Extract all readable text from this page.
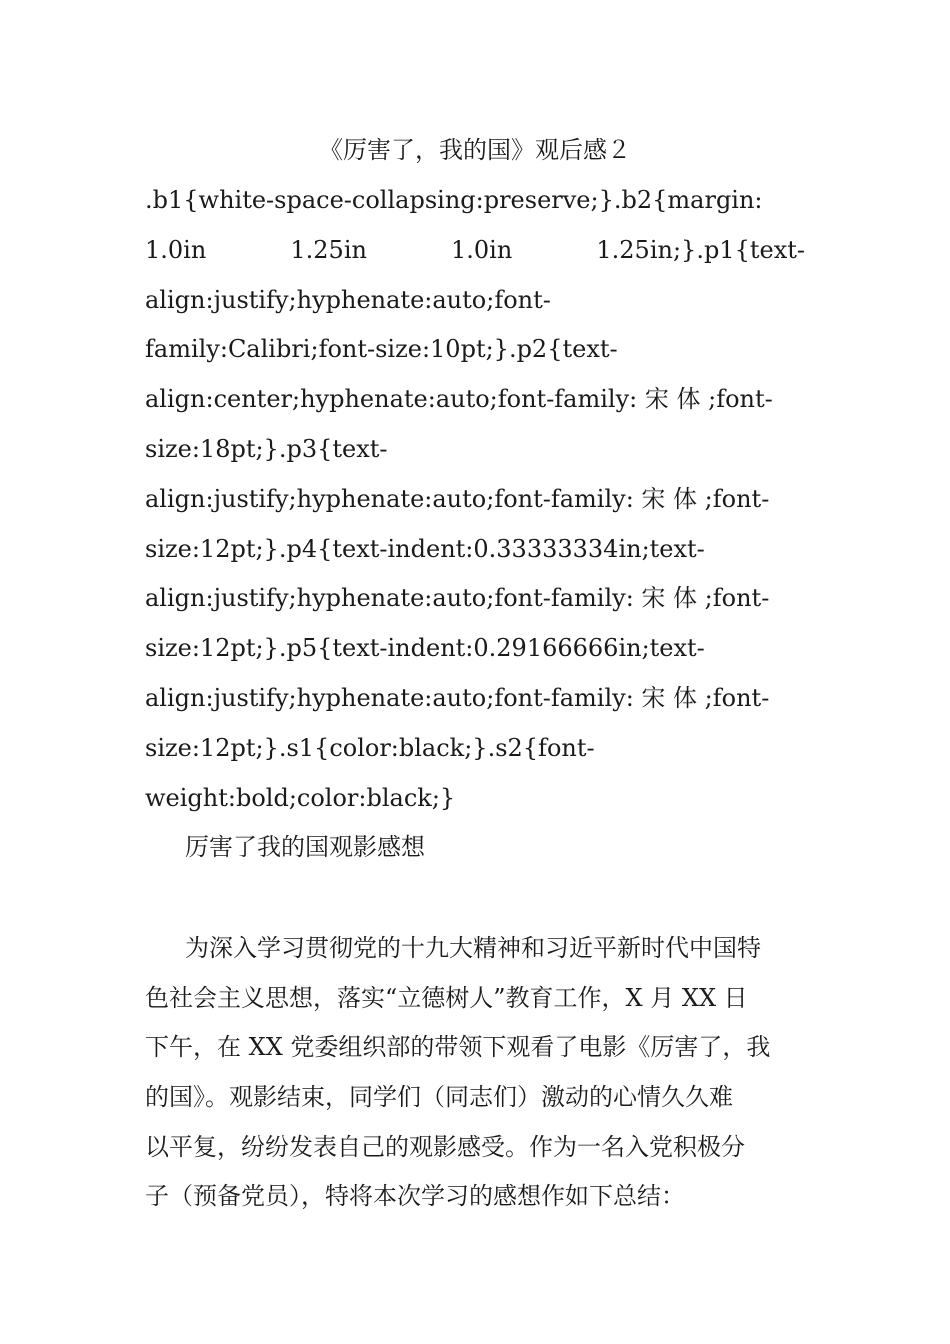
《厉害了，我的国》观后感２
.b1{white-space-collapsing:preserve;}.b2{margin:
1.0in	1.25in	1.0in	1.25in;}.p1{text-
align:justify;hyphenate:auto;font-
family:Calibri;font-size:10pt;}.p2{text-
align:center;hyphenate:auto;font-family: 宋 体 ;font-
size:18pt;}.p3{text-
align:justify;hyphenate:auto;font-family: 宋 体 ;font-
size:12pt;}.p4{text-indent:0.33333334in;text-
align:justify;hyphenate:auto;font-family: 宋 体 ;font-
size:12pt;}.p5{text-indent:0.29166666in;text-
align:justify;hyphenate:auto;font-family: 宋 体 ;font-
size:12pt;}.s1{color:black;}.s2{font-
weight:bold;color:black;}
厉害了我的国观影感想
为深入学习贯彻党的十九大精神和习近平新时代中国特
色社会主义思想，落实“立德树人”教育工作，X 月 XX 日
下午，在 XX 党委组织部的带领下观看了电影《厉害了，我
的国》。观影结束，同学们（同志们）激动的心情久久难
以平复，纷纷发表自己的观影感受。作为一名入党积极分
子（预备党员），特将本次学习的感想作如下总结：
